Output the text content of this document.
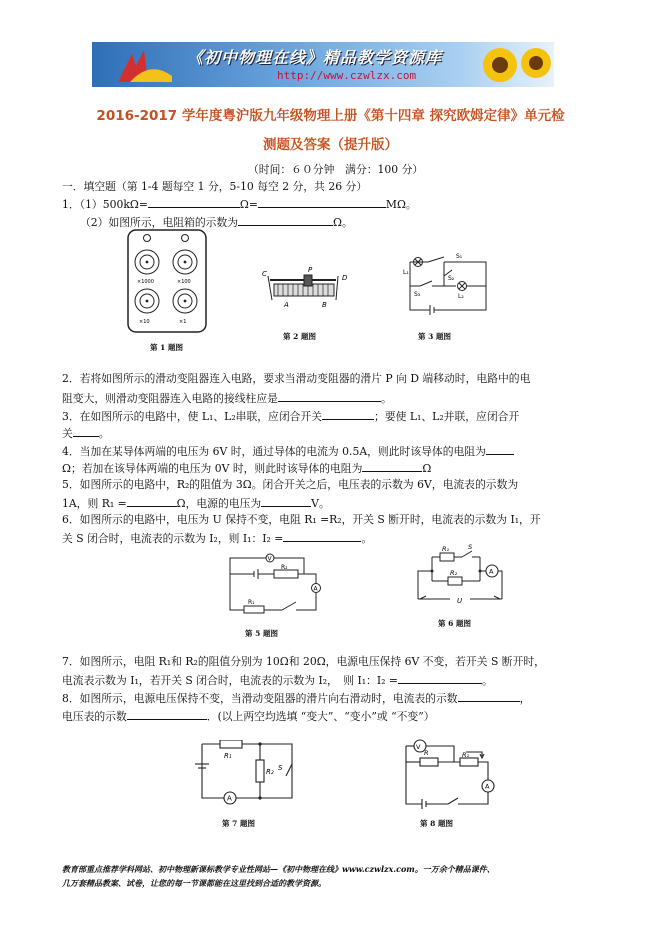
《初中物理在线》精品教学资源库
http://www.czwlzx.com
2016-2017 学年度粤沪版九年级物理上册《第十四章 探究欧姆定律》单元检
测题及答案（提升版）
（时间：６０分钟　满分：100 分）
一．填空题（第 1-4 题每空 1 分，5-10 每空 2 分，共 26 分）
1．（1）500kΩ=	Ω=	MΩ。
（2）如图所示，电阻箱的示数为	Ω。
×1000	×100
×10	×1
第 1 题图
C	P
D
A	B
第 2 题图
L₁
S₁
S₂
L₂
S₃
第 3 题图
2．若将如图所示的滑动变阻器连入电路，要求当滑动变阻器的滑片 P 向 D 端移动时，电路中的电
阻变大，则滑动变阻器连入电路的接线柱应是	。
3．在如图所示的电路中，使 L₁、L₂串联，应闭合开关	；要使 L₁、L₂并联，应闭合开
关 。
4．当加在某导体两端的电压为 6V 时，通过导体的电流为 0.5A，则此时该导体的电阻为
Ω；若加在该导体两端的电压为 0V 时，则此时该导体的电阻为	Ω
5．如图所示的电路中，R₂的阻值为 3Ω。闭合开关之后，电压表的示数为 6V，电流表的示数为
1A，则 R₁ =	Ω，电源的电压为	V。
6．如图所示的电路中，电压为 U 保持不变，电阻 R₁ =R₂，开关 S 断开时，电流表的示数为 I₁，开
关 S 闭合时，电流表的示数为 I₂，则 I₁：I₂ =	。
V
R₂
R₁
A
第 5 题图
R₁	S
R₂	A
U
第 6 题图
7．如图所示，电阻 R₁和 R₂的阻值分别为 10Ω和 20Ω，电源电压保持 6V 不变，若开关 S 断开时，
电流表示数为 I₁，若开关 S 闭合时，电流表的示数为 I₂，　则 I₁：I₂ =	。
8．如图所示，电源电压保持不变，当滑动变阻器的滑片向右滑动时，电流表的示数	，
电压表的示数	．(以上两空均选填 “变大”、“变小”或 “不变”）
R₁
R₂ S
A
第 7 题图
V
R	R₁
A
第 8 题图
教育部重点推荐学科网站、初中物理新课标教学专业性网站—《初中物理在线》www.czwlzx.com。一万余个精品课件、
几万套精品教案、试卷，让您的每一节课都能在这里找到合适的教学资源。
